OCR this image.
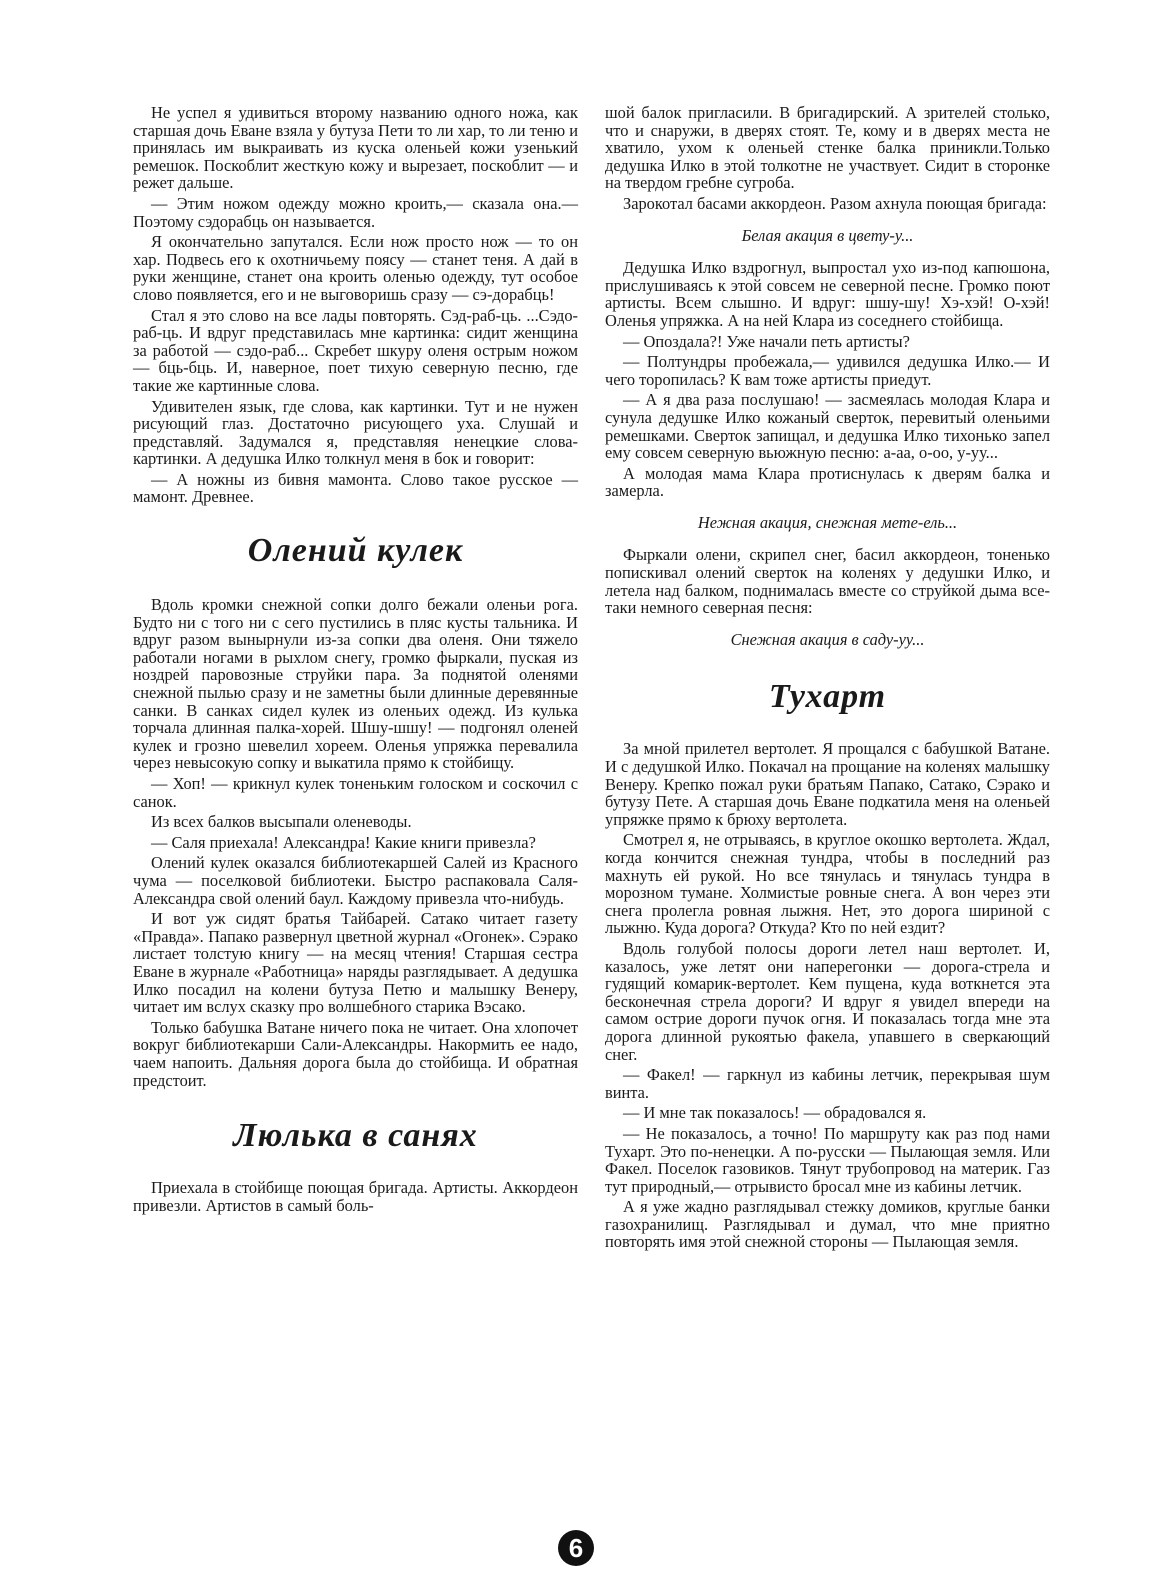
Не успел я удивиться второму названию одного ножа, как старшая дочь Еване взяла у бутуза Пети то ли хар, то ли теню и принялась им выкраивать из куска оленьей кожи узенький ремешок. Поскоблит жесткую кожу и вырезает, поскоблит — и режет дальше.

— Этим ножом одежду можно кроить,— сказала она.— Поэтому сэдорабць он называется.

Я окончательно запутался. Если нож просто нож — то он хар. Подвесь его к охотничьему поясу — станет теня. А дай в руки женщине, станет она кроить оленью одежду, тут особое слово появляется, его и не выговоришь сразу — сэ-дорабць!

Стал я это слово на все лады повторять. Сэд-раб-ць. ...Сэдо-раб-ць. И вдруг представилась мне картинка: сидит женщина за работой — сэдо-раб... Скребет шкуру оленя острым ножом — бць-бць. И, наверное, поет тихую северную песню, где такие же картинные слова.

Удивителен язык, где слова, как картинки. Тут и не нужен рисующий глаз. Достаточно рисующего уха. Слушай и представляй. Задумался я, представляя ненецкие слова-картинки. А дедушка Илко толкнул меня в бок и говорит:

— А ножны из бивня мамонта. Слово такое русское — мамонт. Древнее.

Олений кулек

Вдоль кромки снежной сопки долго бежали оленьи рога. Будто ни с того ни с сего пустились в пляс кусты тальника. И вдруг разом вынырнули из-за сопки два оленя. Они тяжело работали ногами в рыхлом снегу, громко фыркали, пуская из ноздрей паровозные струйки пара. За поднятой оленями снежной пылью сразу и не заметны были длинные деревянные санки. В санках сидел кулек из оленьих одежд. Из кулька торчала длинная палка-хорей. Шшу-шшу! — подгонял оленей кулек и грозно шевелил хореем. Оленья упряжка перевалила через невысокую сопку и выкатила прямо к стойбищу.

— Хоп! — крикнул кулек тоненьким голоском и соскочил с санок.

Из всех балков высыпали оленеводы.

— Саля приехала! Александра! Какие книги привезла?

Олений кулек оказался библиотекаршей Салей из Красного чума — поселковой библиотеки. Быстро распаковала Саля-Александра свой олений баул. Каждому привезла что-нибудь.

И вот уж сидят братья Тайбарей. Сатако читает газету «Правда». Папако развернул цветной журнал «Огонек». Сэрако листает толстую книгу — на месяц чтения! Старшая сестра Еване в журнале «Работница» наряды разглядывает. А дедушка Илко посадил на колени бутуза Петю и малышку Венеру, читает им вслух сказку про волшебного старика Вэсако.

Только бабушка Ватане ничего пока не читает. Она хлопочет вокруг библиотекарши Сали-Александры. Накормить ее надо, чаем напоить. Дальняя дорога была до стойбища. И обратная предстоит.

Люлька в санях

Приехала в стойбище поющая бригада. Артисты. Аккордеон привезли. Артистов в самый боль-

шой балок пригласили. В бригадирский. А зрителей столько, что и снаружи, в дверях стоят. Те, кому и в дверях места не хватило, ухом к оленьей стенке балка приникли.Только дедушка Илко в этой толкотне не участвует. Сидит в сторонке на твердом гребне сугроба.

Зарокотал басами аккордеон. Разом ахнула поющая бригада:

Белая акация в цвету-у...

Дедушка Илко вздрогнул, выпростал ухо из-под капюшона, прислушиваясь к этой совсем не северной песне. Громко поют артисты. Всем слышно. И вдруг: шшу-шу! Хэ-хэй! О-хэй! Оленья упряжка. А на ней Клара из соседнего стойбища.

— Опоздала?! Уже начали петь артисты?

— Полтундры пробежала,— удивился дедушка Илко.— И чего торопилась? К вам тоже артисты приедут.

— А я два раза послушаю! — засмеялась молодая Клара и сунула дедушке Илко кожаный сверток, перевитый оленьими ремешками. Сверток запищал, и дедушка Илко тихонько запел ему совсем северную вьюжную песню: а-аа, о-оо, у-уу...

А молодая мама Клара протиснулась к дверям балка и замерла.

Нежная акация, снежная мете-ель...

Фыркали олени, скрипел снег, басил аккордеон, тоненько попискивал олений сверток на коленях у дедушки Илко, и летела над балком, поднималась вместе со струйкой дыма все-таки немного северная песня:

Снежная акация в саду-уу...

Тухарт

За мной прилетел вертолет. Я прощался с бабушкой Ватане. И с дедушкой Илко. Покачал на прощание на коленях малышку Венеру. Крепко пожал руки братьям Папако, Сатако, Сэрако и бутузу Пете. А старшая дочь Еване подкатила меня на оленьей упряжке прямо к брюху вертолета.

Смотрел я, не отрываясь, в круглое окошко вертолета. Ждал, когда кончится снежная тундра, чтобы в последний раз махнуть ей рукой. Но все тянулась и тянулась тундра в морозном тумане. Холмистые ровные снега. А вон через эти снега пролегла ровная лыжня. Нет, это дорога шириной с лыжню. Куда дорога? Откуда? Кто по ней ездит?

Вдоль голубой полосы дороги летел наш вертолет. И, казалось, уже летят они наперегонки — дорога-стрела и гудящий комарик-вертолет. Кем пущена, куда воткнется эта бесконечная стрела дороги? И вдруг я увидел впереди на самом острие дороги пучок огня. И показалась тогда мне эта дорога длинной рукоятью факела, упавшего в сверкающий снег.

— Факел! — гаркнул из кабины летчик, перекрывая шум винта.

— И мне так показалось! — обрадовался я.

— Не показалось, а точно! По маршруту как раз под нами Тухарт. Это по-ненецки. А по-русски — Пылающая земля. Или Факел. Поселок газовиков. Тянут трубопровод на материк. Газ тут природный,— отрывисто бросал мне из кабины летчик.

А я уже жадно разглядывал стежку домиков, круглые банки газохранилищ. Разглядывал и думал, что мне приятно повторять имя этой снежной стороны — Пылающая земля.

6
